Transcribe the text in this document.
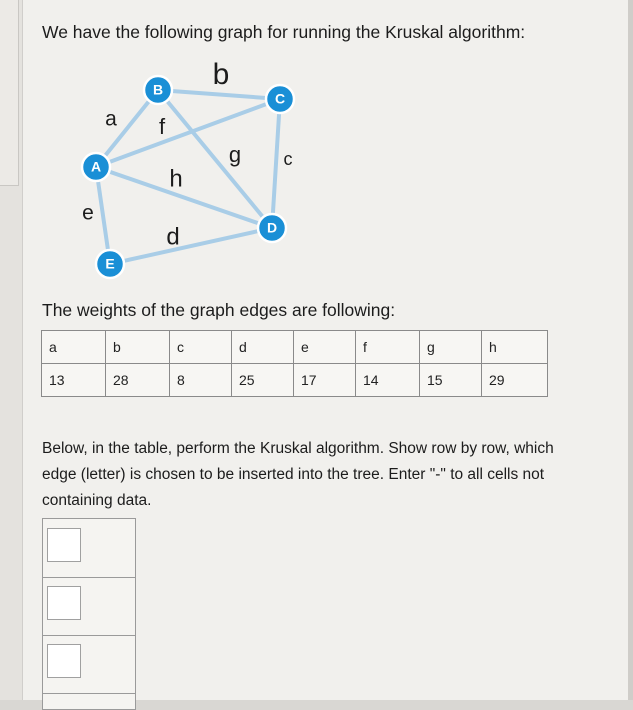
We have the following graph for running the Kruskal algorithm:
a
b
c
d
e
f
g
h
A
B
C
D
E
The weights of the graph edges are following:
a	b	c	d	e	f	g	h
13	28	8	25	17	14	15	29
Below, in the table, perform the Kruskal algorithm. Show row by row, which edge (letter) is chosen to be inserted into the tree. Enter "-" to all cells not containing data.
